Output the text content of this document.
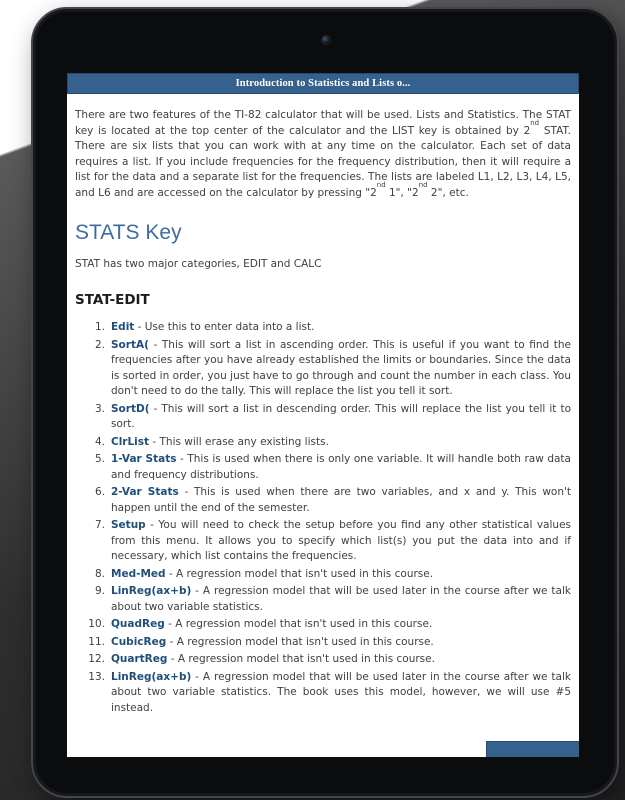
Introduction to Statistics and Lists o...

There are two features of the TI-82 calculator that will be used. Lists and Statistics. The STAT key is located at the top center of the calculator and the LIST key is obtained by 2nd STAT. There are six lists that you can work with at any time on the calculator. Each set of data requires a list. If you include frequencies for the frequency distribution, then it will require a list for the data and a separate list for the frequencies. The lists are labeled L1, L2, L3, L4, L5, and L6 and are accessed on the calculator by pressing "2nd 1", "2nd 2", etc.

STATS Key

STAT has two major categories, EDIT and CALC

STAT-EDIT
1. Edit - Use this to enter data into a list.
2. SortA( - This will sort a list in ascending order. This is useful if you want to find the frequencies after you have already established the limits or boundaries. Since the data is sorted in order, you just have to go through and count the number in each class. You don't need to do the tally. This will replace the list you tell it sort.
3. SortD( - This will sort a list in descending order. This will replace the list you tell it to sort.
4. ClrList - This will erase any existing lists.
5. 1-Var Stats - This is used when there is only one variable. It will handle both raw data and frequency distributions.
6. 2-Var Stats - This is used when there are two variables, and x and y. This won't happen until the end of the semester.
7. Setup - You will need to check the setup before you find any other statistical values from this menu. It allows you to specify which list(s) you put the data into and if necessary, which list contains the frequencies.
8. Med-Med - A regression model that isn't used in this course.
9. LinReg(ax+b) - A regression model that will be used later in the course after we talk about two variable statistics.
10. QuadReg - A regression model that isn't used in this course.
11. CubicReg - A regression model that isn't used in this course.
12. QuartReg - A regression model that isn't used in this course.
13. LinReg(ax+b) - A regression model that will be used later in the course after we talk about two variable statistics. The book uses this model, however, we will use #5 instead.
